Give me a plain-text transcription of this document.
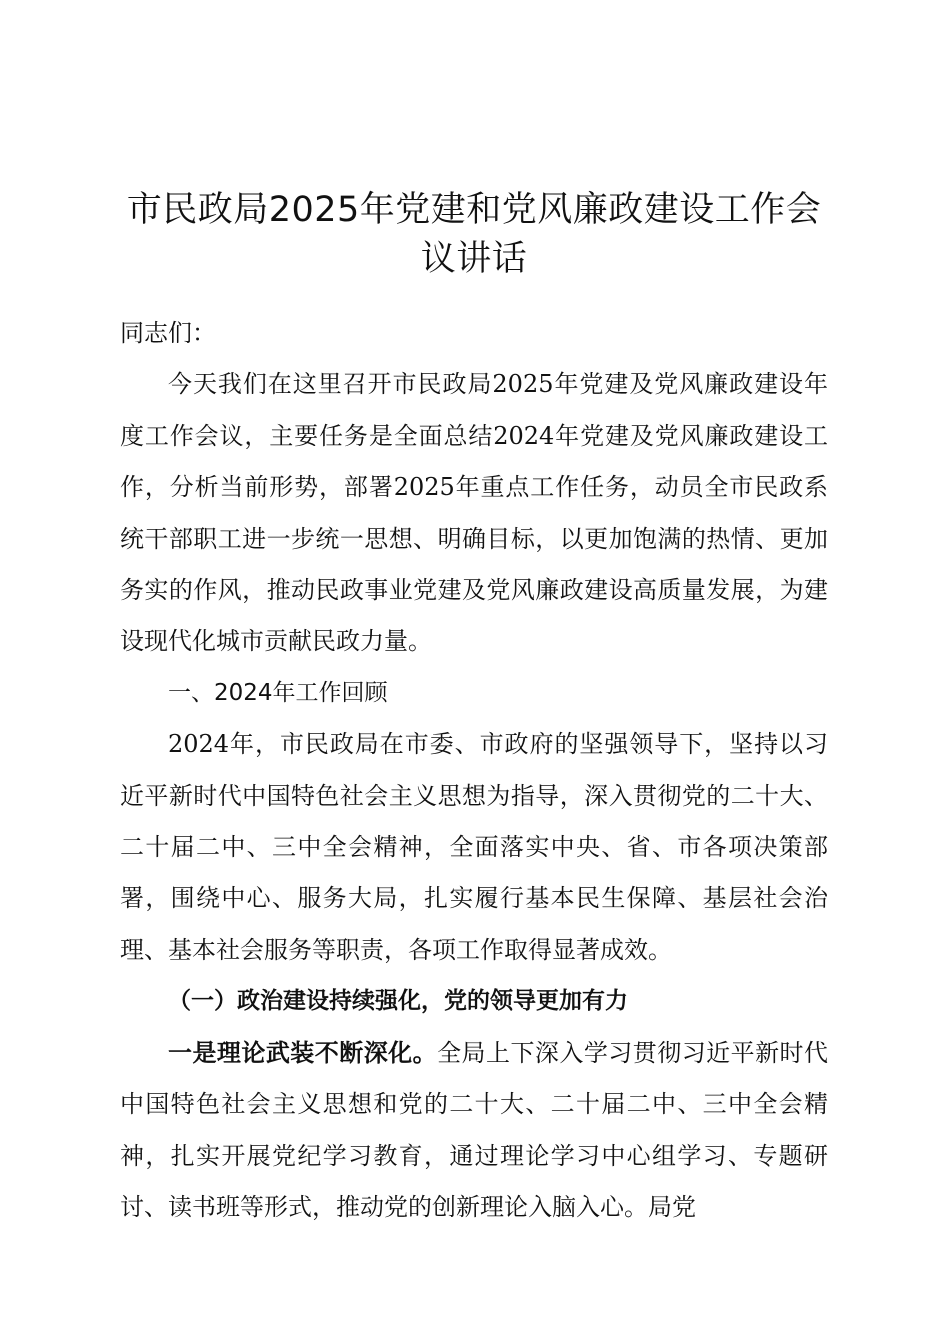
市民政局2025年党建和党风廉政建设工作会议讲话

同志们：

今天我们在这里召开市民政局2025年党建及党风廉政建设年度工作会议，主要任务是全面总结2024年党建及党风廉政建设工作，分析当前形势，部署2025年重点工作任务，动员全市民政系统干部职工进一步统一思想、明确目标，以更加饱满的热情、更加务实的作风，推动民政事业党建及党风廉政建设高质量发展，为建设现代化城市贡献民政力量。

一、2024年工作回顾

2024年，市民政局在市委、市政府的坚强领导下，坚持以习近平新时代中国特色社会主义思想为指导，深入贯彻党的二十大、二十届二中、三中全会精神，全面落实中央、省、市各项决策部署，围绕中心、服务大局，扎实履行基本民生保障、基层社会治理、基本社会服务等职责，各项工作取得显著成效。

（一）政治建设持续强化，党的领导更加有力

一是理论武装不断深化。全局上下深入学习贯彻习近平新时代中国特色社会主义思想和党的二十大、二十届二中、三中全会精神，扎实开展党纪学习教育，通过理论学习中心组学习、专题研讨、读书班等形式，推动党的创新理论入脑入心。局党
